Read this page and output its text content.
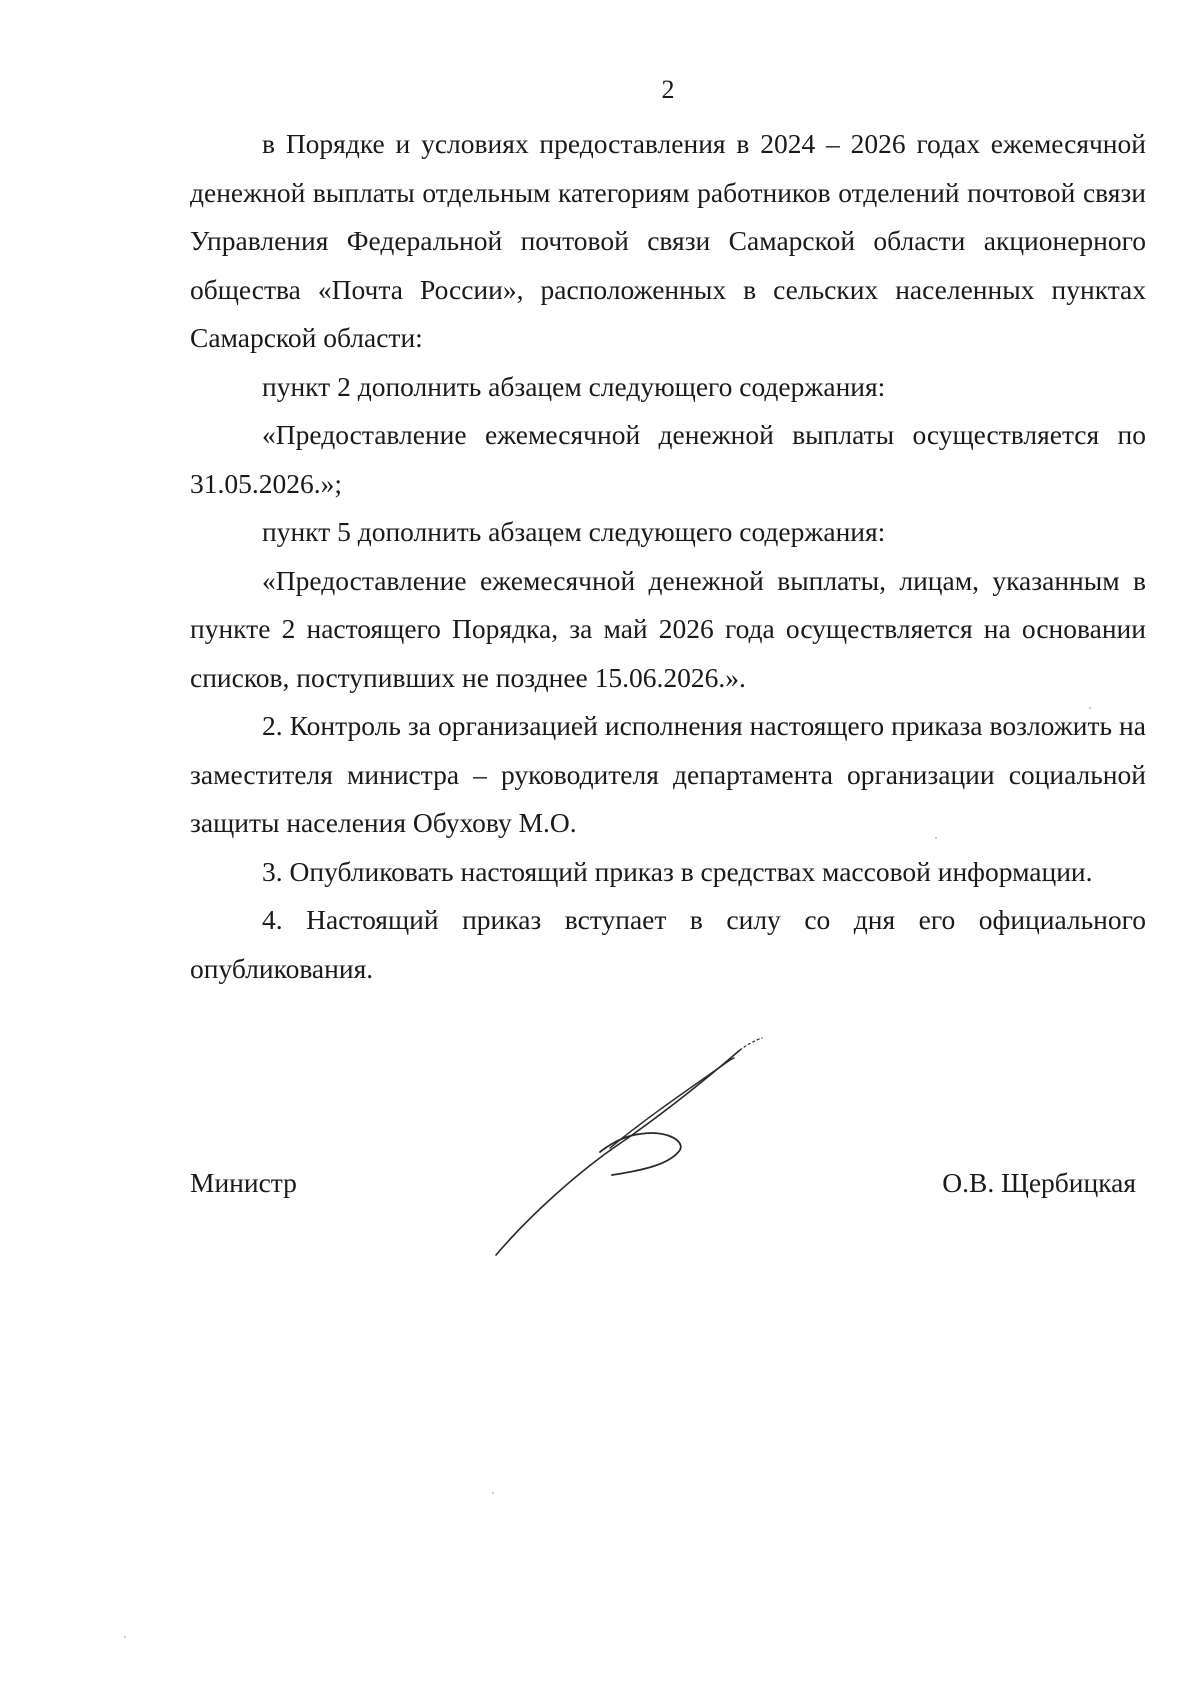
2

в Порядке и условиях предоставления в 2024 – 2026 годах ежемесячной денежной выплаты отдельным категориям работников отделений почтовой связи Управления Федеральной почтовой связи Самарской области акционерного общества «Почта России», расположенных в сельских населенных пунктах Самарской области:

пункт 2 дополнить абзацем следующего содержания:

«Предоставление ежемесячной денежной выплаты осуществляется по 31.05.2026.»;

пункт 5 дополнить абзацем следующего содержания:

«Предоставление ежемесячной денежной выплаты, лицам, указанным в пункте 2 настоящего Порядка, за май 2026 года осуществляется на основании списков, поступивших не позднее 15.06.2026.».

2. Контроль за организацией исполнения настоящего приказа возложить на заместителя министра – руководителя департамента организации социальной защиты населения Обухову М.О.

3. Опубликовать настоящий приказ в средствах массовой информации.

4. Настоящий приказ вступает в силу со дня его официального опубликования.

Министр	О.В. Щербицкая
